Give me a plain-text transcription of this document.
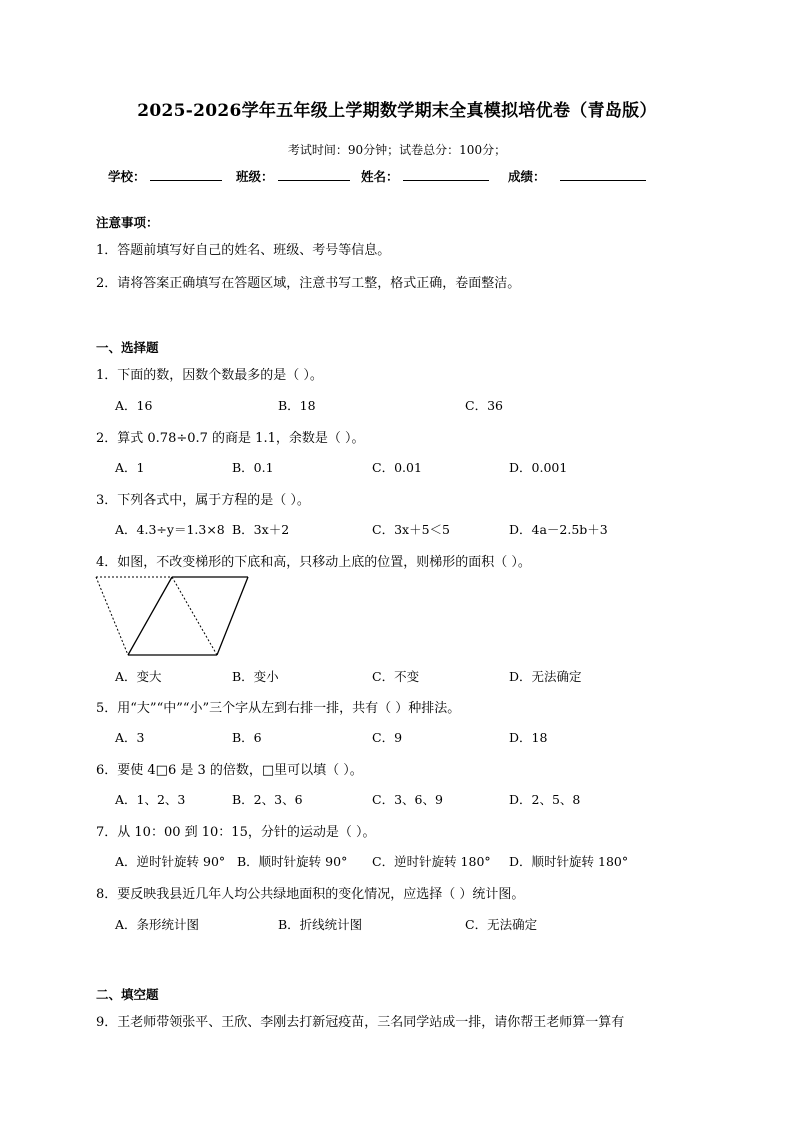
2025-2026学年五年级上学期数学期末全真模拟培优卷（青岛版）
考试时间：90分钟；试卷总分：100分；
学校：	班级：	姓名：	成绩：
注意事项：
1．答题前填写好自己的姓名、班级、考号等信息。
2．请将答案正确填写在答题区域，注意书写工整，格式正确，卷面整洁。
一、选择题
1．下面的数，因数个数最多的是（ ）。
A．16	B．18	C．36
2．算式 0.78÷0.7 的商是 1.1，余数是（ ）。
A．1	B．0.1	C．0.01	D．0.001
3．下列各式中，属于方程的是（ ）。
A．4.3÷y＝1.3×8 B．3x＋2	C．3x＋5＜5	D．4a－2.5b＋3
4．如图，不改变梯形的下底和高，只移动上底的位置，则梯形的面积（ ）。
A．变大	B．变小	C．不变	D．无法确定
5．用“大”“中”“小”三个字从左到右排一排，共有（ ）种排法。
A．3	B．6	C．9	D．18
6．要使 4□6 是 3 的倍数，□里可以填（ ）。
A．1、2、3	B．2、3、6	C．3、6、9	D．2、5、8
7．从 10：00 到 10：15，分针的运动是（ ）。
A．逆时针旋转 90° B．顺时针旋转 90° C．逆时针旋转 180° D．顺时针旋转 180°
8．要反映我县近几年人均公共绿地面积的变化情况，应选择（ ）统计图。
A．条形统计图	B．折线统计图	C．无法确定
二、填空题
9．王老师带领张平、王欣、李刚去打新冠疫苗，三名同学站成一排，请你帮王老师算一算有
